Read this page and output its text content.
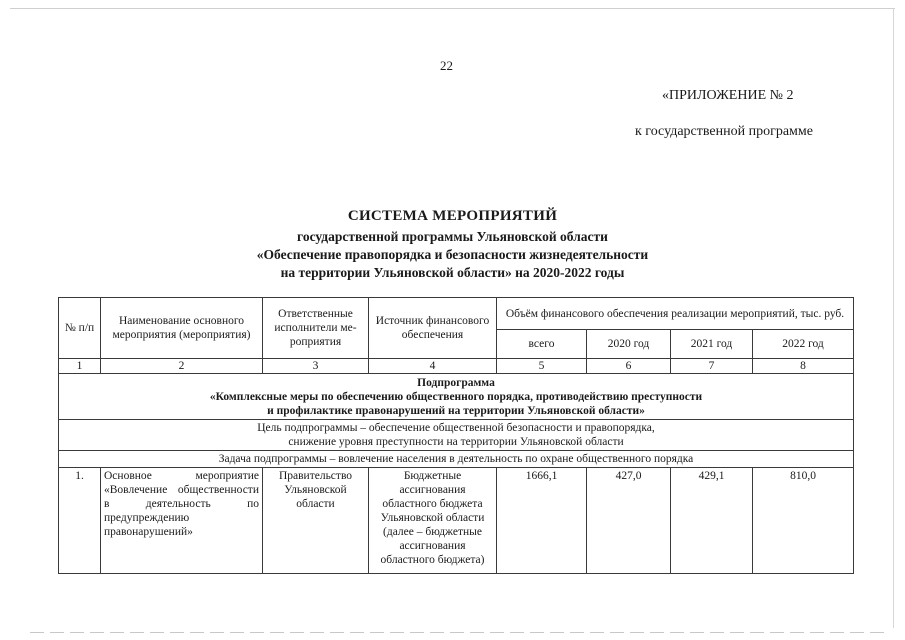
22
«ПРИЛОЖЕНИЕ № 2
к государственной программе
СИСТЕМА МЕРОПРИЯТИЙ
государственной программы Ульяновской области
«Обеспечение правопорядка и безопасности жизнедеятельности
на территории Ульяновской области» на 2020-2022 годы
№ п/п	Наименование основного мероприятия (мероприятия)	Ответственные исполнители ме-роприятия	Источник финансового обеспечения	Объём финансового обеспечения реализации мероприятий, тыс. руб.			
				всего	2020 год	2021 год	2022 год
1	2	3	4	5	6	7	8

Подпрограмма
«Комплексные меры по обеспечению общественного порядка, противодействию преступности
и профилактике правонарушений на территории Ульяновской области»							

Цель подпрограммы – обеспечение общественной безопасности и правопорядка,
снижение уровня преступности на территории Ульяновской области							

Задача подпрограммы – вовлечение населения в деятельность по охране общественного порядка							
1.	Основное мероприятие «Вовлечение общественности в деятельность по предупреждению правонарушений»	Правительство Ульяновской области	Бюджетные ассигнования областного бюджета Ульяновской области (далее – бюджетные ассигнования областного бюджета)	1666,1	427,0	429,1	810,0
